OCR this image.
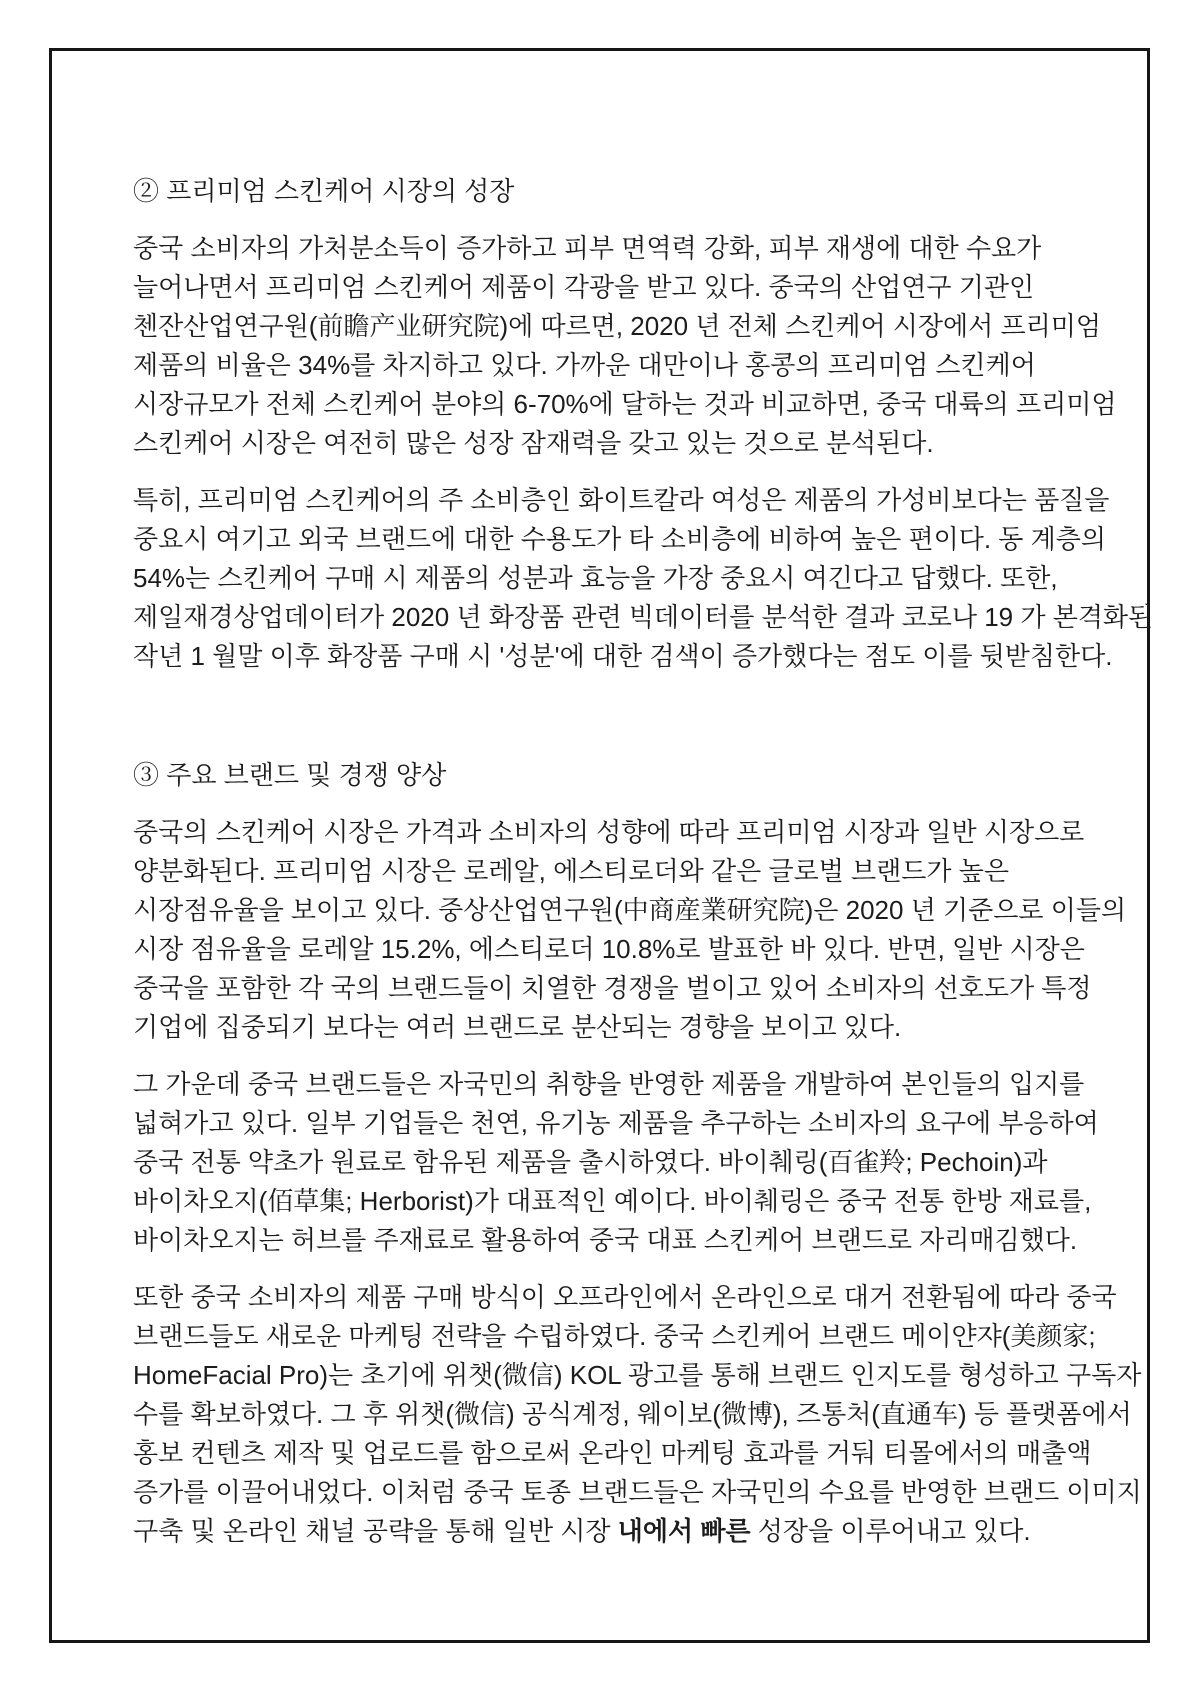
② 프리미엄 스킨케어 시장의 성장
중국 소비자의 가처분소득이 증가하고 피부 면역력 강화, 피부 재생에 대한 수요가
늘어나면서 프리미엄 스킨케어 제품이 각광을 받고 있다. 중국의 산업연구 기관인
첸잔산업연구원(前瞻产业研究院)에 따르면, 2020 년 전체 스킨케어 시장에서 프리미엄
제품의 비율은 34%를 차지하고 있다. 가까운 대만이나 홍콩의 프리미엄 스킨케어
시장규모가 전체 스킨케어 분야의 6-70%에 달하는 것과 비교하면, 중국 대륙의 프리미엄
스킨케어 시장은 여전히 많은 성장 잠재력을 갖고 있는 것으로 분석된다.
특히, 프리미엄 스킨케어의 주 소비층인 화이트칼라 여성은 제품의 가성비보다는 품질을
중요시 여기고 외국 브랜드에 대한 수용도가 타 소비층에 비하여 높은 편이다. 동 계층의
54%는 스킨케어 구매 시 제품의 성분과 효능을 가장 중요시 여긴다고 답했다. 또한,
제일재경상업데이터가 2020 년 화장품 관련 빅데이터를 분석한 결과 코로나 19 가 본격화된
작년 1 월말 이후 화장품 구매 시 '성분'에 대한 검색이 증가했다는 점도 이를 뒷받침한다.
③ 주요 브랜드 및 경쟁 양상
중국의 스킨케어 시장은 가격과 소비자의 성향에 따라 프리미엄 시장과 일반 시장으로
양분화된다. 프리미엄 시장은 로레알, 에스티로더와 같은 글로벌 브랜드가 높은
시장점유율을 보이고 있다. 중상산업연구원(中商産業研究院)은 2020 년 기준으로 이들의
시장 점유율을 로레알 15.2%, 에스티로더 10.8%로 발표한 바 있다. 반면, 일반 시장은
중국을 포함한 각 국의 브랜드들이 치열한 경쟁을 벌이고 있어 소비자의 선호도가 특정
기업에 집중되기 보다는 여러 브랜드로 분산되는 경향을 보이고 있다.
그 가운데 중국 브랜드들은 자국민의 취향을 반영한 제품을 개발하여 본인들의 입지를
넓혀가고 있다. 일부 기업들은 천연, 유기농 제품을 추구하는 소비자의 요구에 부응하여
중국 전통 약초가 원료로 함유된 제품을 출시하였다. 바이췌링(百雀羚; Pechoin)과
바이차오지(佰草集; Herborist)가 대표적인 예이다. 바이췌링은 중국 전통 한방 재료를,
바이차오지는 허브를 주재료로 활용하여 중국 대표 스킨케어 브랜드로 자리매김했다.
또한 중국 소비자의 제품 구매 방식이 오프라인에서 온라인으로 대거 전환됨에 따라 중국
브랜드들도 새로운 마케팅 전략을 수립하였다. 중국 스킨케어 브랜드 메이얀쟈(美颜家;
HomeFacial Pro)는 초기에 위챗(微信) KOL 광고를 통해 브랜드 인지도를 형성하고 구독자
수를 확보하였다. 그 후 위챗(微信) 공식계정, 웨이보(微博), 즈통처(直通车) 등 플랫폼에서
홍보 컨텐츠 제작 및 업로드를 함으로써 온라인 마케팅 효과를 거둬 티몰에서의 매출액
증가를 이끌어내었다. 이처럼 중국 토종 브랜드들은 자국민의 수요를 반영한 브랜드 이미지
구축 및 온라인 채널 공략을 통해 일반 시장 내에서 빠른 성장을 이루어내고 있다.
